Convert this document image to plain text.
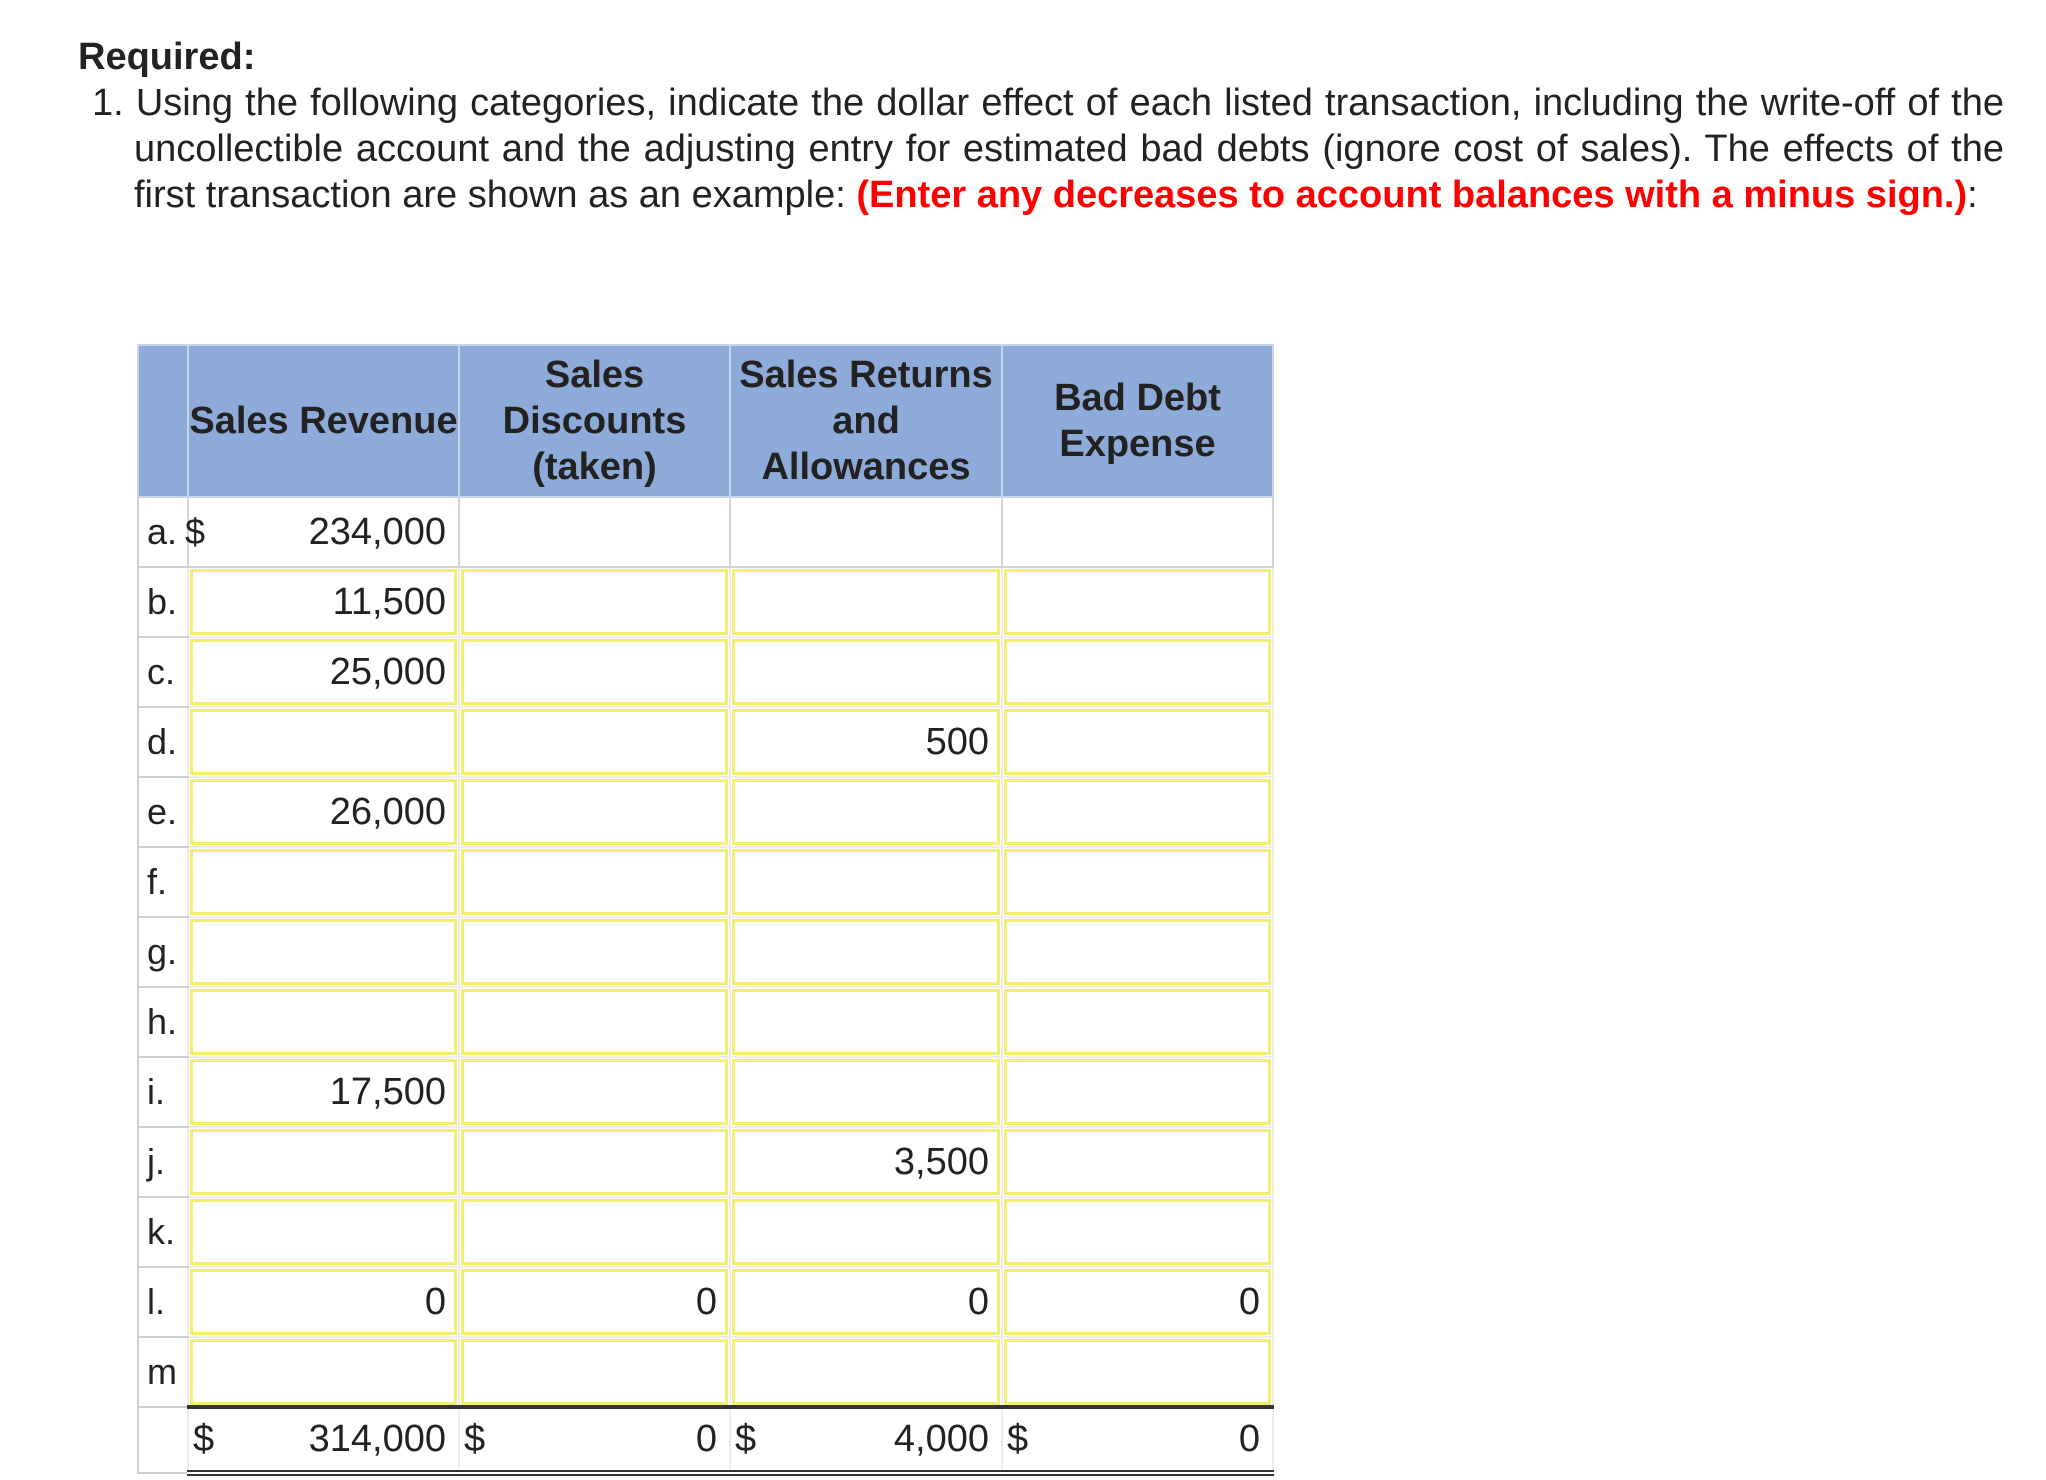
Required:
1. Using the following categories, indicate the dollar effect of each listed transaction, including the write-off of the uncollectible account and the adjusting entry for estimated bad debts (ignore cost of sales). The effects of the first transaction are shown as an example: (Enter any decreases to account balances with a minus sign.):
	Sales Revenue	Sales Discounts (taken)	Sales Returns and Allowances	Bad Debt Expense
a. $	234,000			
b.	11,500			
c.	25,000			
d.			500	
e.	26,000			
f.				
g.				
h.				
i.	17,500			
j.			3,500	
k.				
l.	0	0	0	0
m				

	$ 314,000	$ 0	$ 4,000	$ 0
